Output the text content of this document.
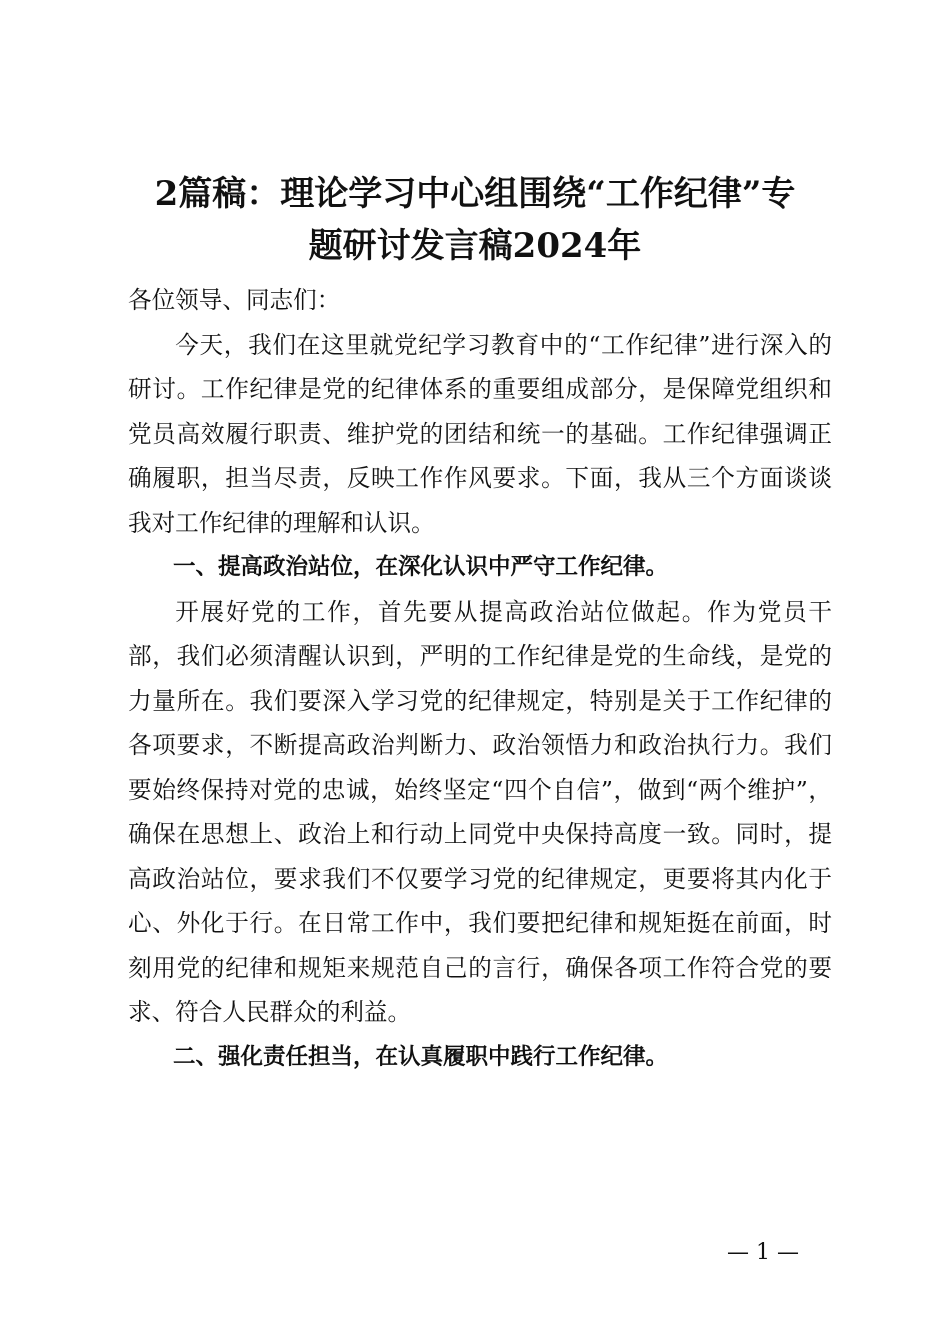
2篇稿：理论学习中心组围绕“工作纪律”专
题研讨发言稿2024年

各位领导、同志们：

今天，我们在这里就党纪学习教育中的“工作纪律”进行深入的研讨。工作纪律是党的纪律体系的重要组成部分，是保障党组织和党员高效履行职责、维护党的团结和统一的基础。工作纪律强调正确履职，担当尽责，反映工作作风要求。下面，我从三个方面谈谈我对工作纪律的理解和认识。

一、提高政治站位，在深化认识中严守工作纪律。

开展好党的工作，首先要从提高政治站位做起。作为党员干部，我们必须清醒认识到，严明的工作纪律是党的生命线，是党的力量所在。我们要深入学习党的纪律规定，特别是关于工作纪律的各项要求，不断提高政治判断力、政治领悟力和政治执行力。我们要始终保持对党的忠诚，始终坚定“四个自信”，做到“两个维护”，确保在思想上、政治上和行动上同党中央保持高度一致。同时，提高政治站位，要求我们不仅要学习党的纪律规定，更要将其内化于心、外化于行。在日常工作中，我们要把纪律和规矩挺在前面，时刻用党的纪律和规矩来规范自己的言行，确保各项工作符合党的要求、符合人民群众的利益。

二、强化责任担当，在认真履职中践行工作纪律。

— 1 —
